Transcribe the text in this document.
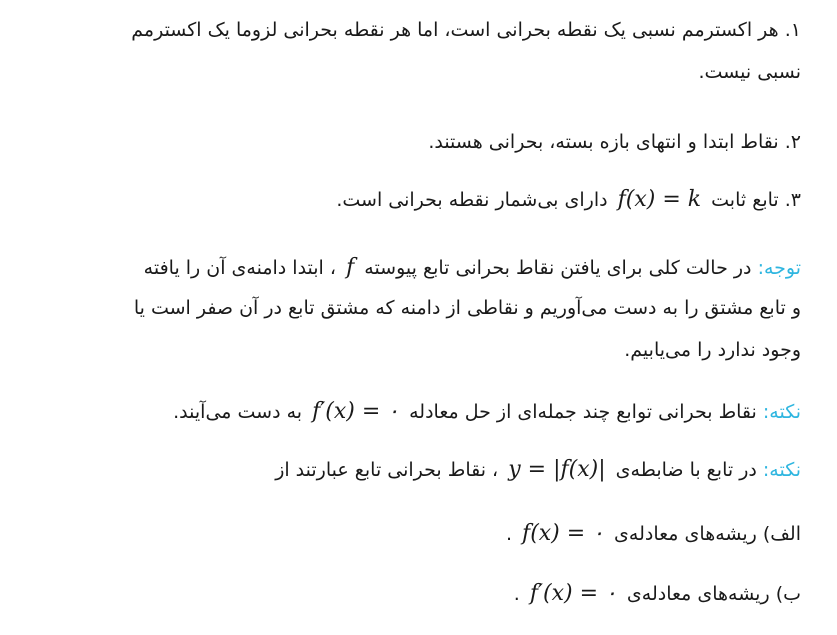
۱. هر اکسترمم نسبی یک نقطه بحرانی است، اما هر نقطه بحرانی لزوما یک اکسترمم
نسبی نیست.
۲. نقاط ابتدا و انتهای بازه بسته، بحرانی هستند.
۳. تابع ثابت f(x) = k دارای بی‌شمار نقطه بحرانی است.
توجه: در حالت کلی برای یافتن نقاط بحرانی تابع پیوسته f ، ابتدا دامنه‌ی آن را یافته
و تابع مشتق را به دست می‌آوریم و نقاطی از دامنه که مشتق تابع در آن صفر است یا
وجود ندارد را می‌یابیم.
نکته: نقاط بحرانی توابع چند جمله‌ای از حل معادله f′(x) = ۰ به دست می‌آیند.
نکته: در تابع با ضابطه‌ی y = |f(x)| ، نقاط بحرانی تابع عبارتند از
الف) ریشه‌های معادله‌ی f(x) = ۰ .
ب) ریشه‌های معادله‌ی f′(x) = ۰ .
